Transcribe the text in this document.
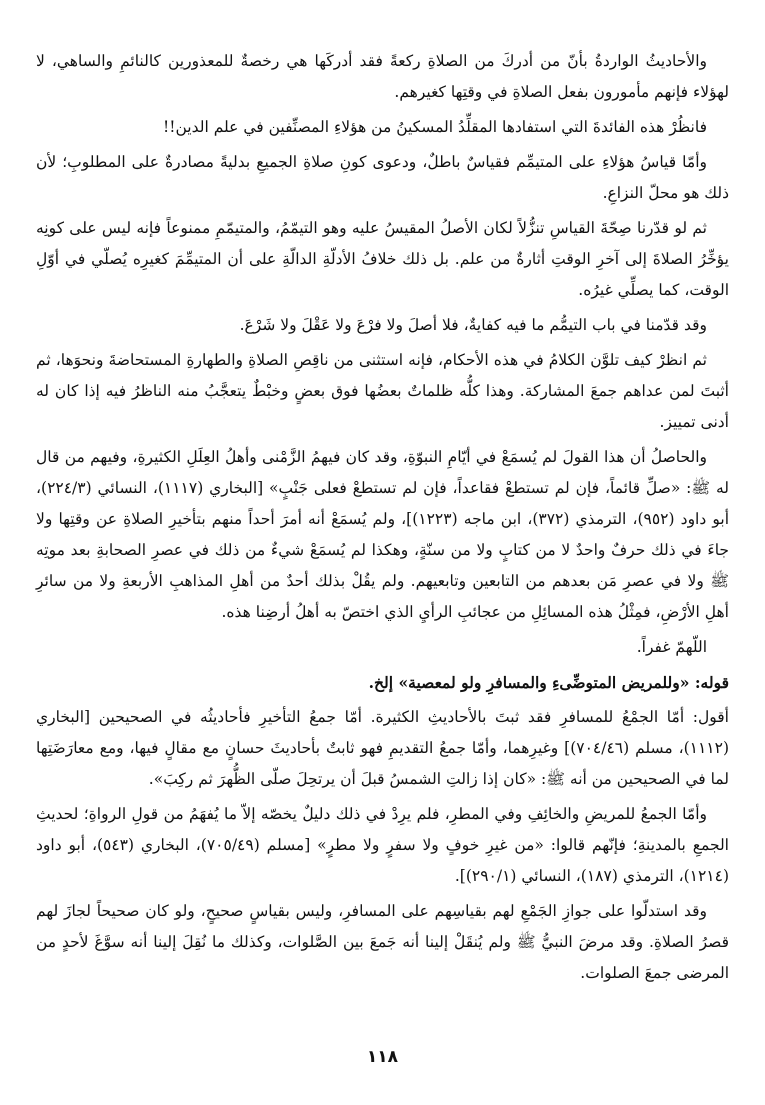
والأحاديثُ الواردةُ بأنّ من أدركَ من الصلاةِ ركعةً فقد أدركَها هي رخصةٌ للمعذورين كالنائمِ والساهي، لا لهؤلاء فإنهم مأمورون بفعل الصلاةِ في وقتِها كغيرهم.

فانظُرْ هذه الفائدةَ التي استفادها المقلِّدُ المسكينُ من هؤلاءِ المصنِّفين في علم الدين!!

وأمّا قياسُ هؤلاءِ على المتيمِّم فقياسٌ باطلٌ، ودعوى كونِ صلاةِ الجميعِ بدليةً مصادرةٌ على المطلوبِ؛ لأن ذلك هو محلّ النزاعِ.

ثم لو قدّرنا صِحّةَ القياسِ تنزُّلاً لكان الأصلُ المقيسُ عليه وهو التيمّمُ، والمتيمّمِ ممنوعاً فإنه ليس على كونِه يؤخِّرُ الصلاةَ إلى آخرِ الوقتِ أثارةٌ من علم. بل ذلك خلافُ الأدلّةِ الدالّةِ على أن المتيمِّمَ كغيرِه يُصلّي في أوّلِ الوقت، كما يصلِّي غيرُه.

وقد قدّمنا في باب التيمُّم ما فيه كفايةٌ، فلا أصلَ ولا فرْعَ ولا عَقْلَ ولا شَرْعَ.

ثم انظرْ كيف تلوَّن الكلامُ في هذه الأحكام، فإنه استثنى من ناقِصِ الصلاةِ والطهارةِ المستحاضةَ ونحوَها، ثم أثبتَ لمن عداهم جمعَ المشاركة. وهذا كلُّه ظلماتٌ بعضُها فوق بعضٍ وخبْطٌ يتعجَّبُ منه الناظرُ فيه إذا كان له أدنى تمييز.

والحاصلُ أن هذا القولَ لم يُسمَعْ في أيّامِ النبوّةِ، وقد كان فيهمُ الزَّمْنى وأهلُ العِلَلِ الكثيرةِ، وفيهم من قال له ﷺ: «صلِّ قائماً، فإن لم تستطعْ فقاعداً، فإن لم تستطعْ فعلى جَنْبٍ» [البخاري (١١١٧)، النسائي (٢٢٤/٣)، أبو داود (٩٥٢)، الترمذي (٣٧٢)، ابن ماجه (١٢٢٣)]، ولم يُسمَعْ أنه أمرَ أحداً منهم بتأخيرِ الصلاةِ عن وقتِها ولا جاءَ في ذلك حرفٌ واحدٌ لا من كتابٍ ولا من سنّةٍ، وهكذا لم يُسمَعْ شيءٌ من ذلك في عصرِ الصحابةِ بعد موتِه ﷺ ولا في عصرِ مَن بعدهم من التابعين وتابعيهم. ولم يقُلْ بذلك أحدٌ من أهلِ المذاهبِ الأربعةِ ولا من سائرِ أهلِ الأرْضِ، فمِثْلُ هذه المسائِلِ من عجائبِ الرأيِ الذي اختصّ به أهلُ أرضِنا هذه.

اللّهمّ غفراً.

قوله: «وللمريض المتوضِّىءِ والمسافرِ ولو لمعصية» إلخ.

أقول: أمّا الجمْعُ للمسافرِ فقد ثبتَ بالأحاديثِ الكثيرة. أمّا جمعُ التأخيرِ فأحاديثُه في الصحيحين [البخاري (١١١٢)، مسلم (٧٠٤/٤٦)] وغيرِهما، وأمّا جمعُ التقديمِ فهو ثابتٌ بأحاديثَ حسانٍ مع مقالٍ فيها، ومع معارَضَتِها لما في الصحيحين من أنه ﷺ: «كان إذا زالتِ الشمسُ قبلَ أن يرتحِلَ صلّى الظُّهرَ ثم ركِبَ».

وأمّا الجمعُ للمريضِ والخائِفِ وفي المطرِ، فلم يرِدْ في ذلك دليلٌ يخصّه إلاّ ما يُفهَمُ من قولِ الرواةِ؛ لحديثِ الجمعِ بالمدينةِ؛ فإنّهم قالوا: «من غيرِ خوفٍ ولا سفرٍ ولا مطرٍ» [مسلم (٧٠٥/٤٩)، البخاري (٥٤٣)، أبو داود (١٢١٤)، الترمذي (١٨٧)، النسائي (٢٩٠/١)].

وقد استدلّوا على جوازِ الجَمْعِ لهم بقياسِهم على المسافرِ، وليس بقياسٍ صحيحٍ، ولو كان صحيحاً لجازَ لهم قصرُ الصلاةِ. وقد مرضَ النبيُّ ﷺ ولم يُنقَلْ إلينا أنه جَمعَ بين الصَّلوات، وكذلك ما نُقِلَ إلينا أنه سوَّغَ لأحدٍ من المرضى جمعَ الصلوات.

١١٨
